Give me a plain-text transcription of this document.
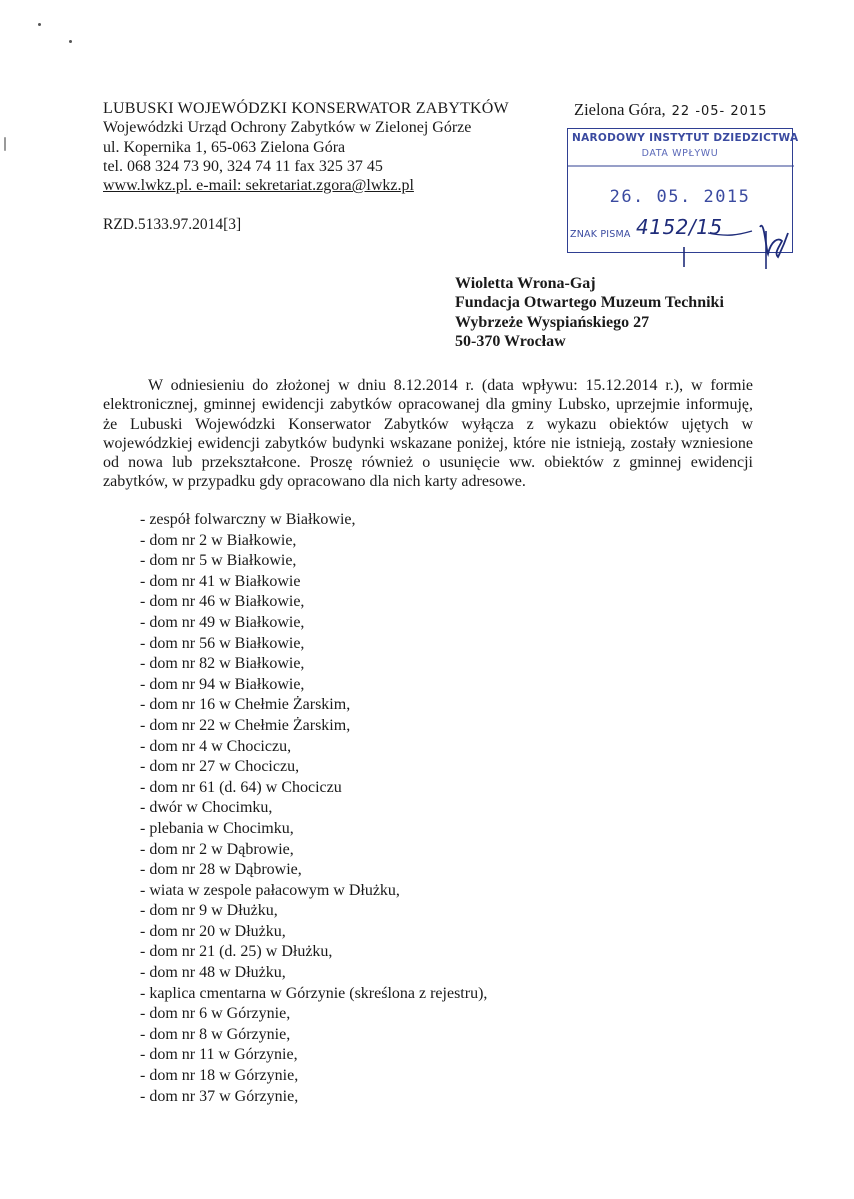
LUBUSKI WOJEWÓDZKI KONSERWATOR ZABYTKÓW
Wojewódzki Urząd Ochrony Zabytków w Zielonej Górze
ul. Kopernika 1, 65-063 Zielona Góra
tel. 068 324 73 90, 324 74 11 fax 325 37 45
www.lwkz.pl. e-mail: sekretariat.zgora@lwkz.pl
RZD.5133.97.2014[3]
Zielona Góra, 22 -05- 2015
NARODOWY INSTYTUT DZIEDZICTWA
DATA WPŁYWU
26. 05. 2015
ZNAK PISMA 4152/15
Wioletta Wrona-Gaj
Fundacja Otwartego Muzeum Techniki
Wybrzeże Wyspiańskiego 27
50-370 Wrocław

W odniesieniu do złożonej w dniu 8.12.2014 r. (data wpływu: 15.12.2014 r.), w formie elektronicznej, gminnej ewidencji zabytków opracowanej dla gminy Lubsko, uprzejmie informuję, że Lubuski Wojewódzki Konserwator Zabytków wyłącza z wykazu obiektów ujętych w wojewódzkiej ewidencji zabytków budynki wskazane poniżej, które nie istnieją, zostały wzniesione od nowa lub przekształcone. Proszę również o usunięcie ww. obiektów z gminnej ewidencji zabytków, w przypadku gdy opracowano dla nich karty adresowe.

- zespół folwarczny w Białkowie,
- dom nr 2 w Białkowie,
- dom nr 5 w Białkowie,
- dom nr 41 w Białkowie
- dom nr 46 w Białkowie,
- dom nr 49 w Białkowie,
- dom nr 56 w Białkowie,
- dom nr 82 w Białkowie,
- dom nr 94 w Białkowie,
- dom nr 16 w Chełmie Żarskim,
- dom nr 22 w Chełmie Żarskim,
- dom nr 4 w Chociczu,
- dom nr 27 w Chociczu,
- dom nr 61 (d. 64) w Chociczu
- dwór w Chocimku,
- plebania w Chocimku,
- dom nr 2 w Dąbrowie,
- dom nr 28 w Dąbrowie,
- wiata w zespole pałacowym w Dłużku,
- dom nr 9 w Dłużku,
- dom nr 20 w Dłużku,
- dom nr 21 (d. 25) w Dłużku,
- dom nr 48 w Dłużku,
- kaplica cmentarna w Górzynie (skreślona z rejestru),
- dom nr 6 w Górzynie,
- dom nr 8 w Górzynie,
- dom nr 11 w Górzynie,
- dom nr 18 w Górzynie,
- dom nr 37 w Górzynie,
